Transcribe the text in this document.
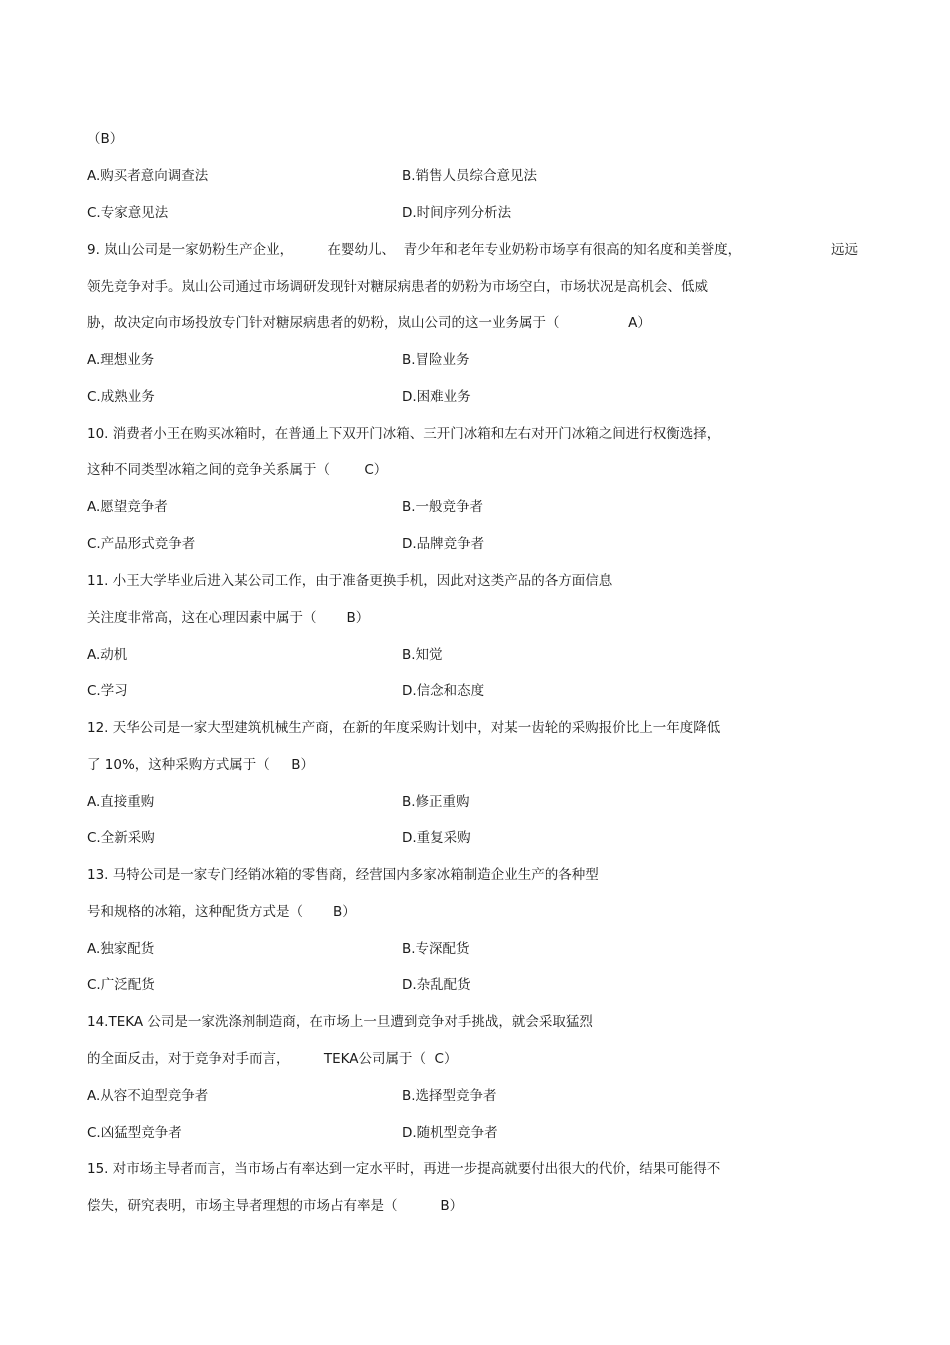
（B）
A.购买者意向调查法	B.销售人员综合意见法
C.专家意见法	D.时间序列分析法
9. 岚山公司是一家奶粉生产企业，        在婴幼儿、  青少年和老年专业奶粉市场享有很高的知名度和美誉度，	远远
领先竞争对手。岚山公司通过市场调研发现针对糖尿病患者的奶粉为市场空白，市场状况是高机会、低威
胁，故决定向市场投放专门针对糖尿病患者的奶粉，岚山公司的这一业务属于（                A）
A.理想业务	B.冒险业务
C.成熟业务	D.困难业务
10. 消费者小王在购买冰箱时，在普通上下双开门冰箱、三开门冰箱和左右对开门冰箱之间进行权衡选择，
这种不同类型冰箱之间的竞争关系属于（        C）
A.愿望竞争者	B.一般竞争者
C.产品形式竞争者	D.品牌竞争者
11. 小王大学毕业后进入某公司工作，由于准备更换手机，因此对这类产品的各方面信息
关注度非常高，这在心理因素中属于（       B）
A.动机	B.知觉
C.学习	D.信念和态度
12. 天华公司是一家大型建筑机械生产商，在新的年度采购计划中，对某一齿轮的采购报价比上一年度降低
了 10%，这种采购方式属于（     B）
A.直接重购	B.修正重购
C.全新采购	D.重复采购
13. 马特公司是一家专门经销冰箱的零售商，经营国内多家冰箱制造企业生产的各种型
号和规格的冰箱，这种配货方式是（       B）
A.独家配货	B.专深配货
C.广泛配货	D.杂乱配货
14.TEKA 公司是一家洗涤剂制造商，在市场上一旦遭到竞争对手挑战，就会采取猛烈
的全面反击，对于竞争对手而言，        TEKA公司属于（  C）
A.从容不迫型竞争者	B.选择型竞争者
C.凶猛型竞争者	D.随机型竞争者
15. 对市场主导者而言，当市场占有率达到一定水平时，再进一步提高就要付出很大的代价，结果可能得不
偿失，研究表明，市场主导者理想的市场占有率是（          B）
